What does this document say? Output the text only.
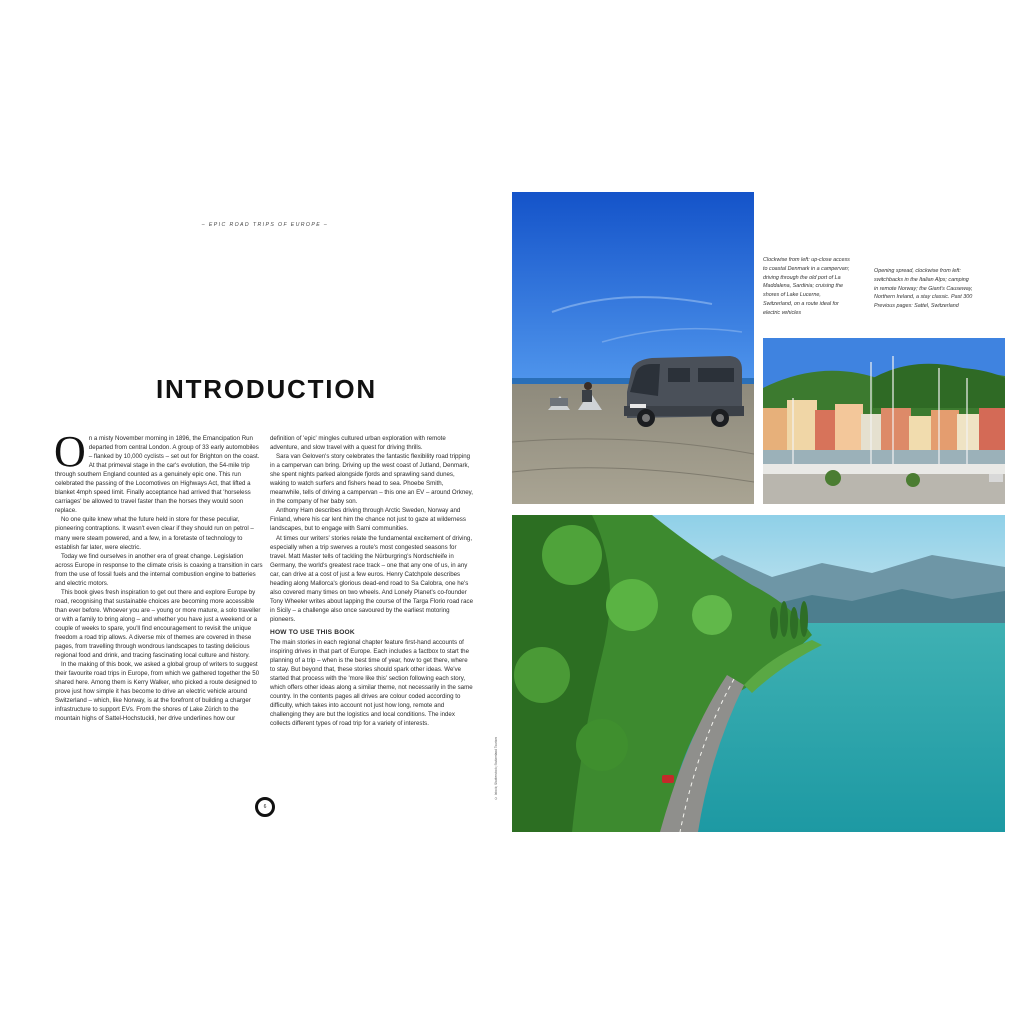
– EPIC ROAD TRIPS OF EUROPE –
INTRODUCTION

On a misty November morning in 1896, the Emancipation Run departed from central London. A group of 33 early automobiles – flanked by 10,000 cyclists – set out for Brighton on the coast. At that primeval stage in the car's evolution, the 54-mile trip through southern England counted as a genuinely epic one. This run celebrated the passing of the Locomotives on Highways Act, that lifted a blanket 4mph speed limit. Finally acceptance had arrived that 'horseless carriages' be allowed to travel faster than the horses they would soon replace.

No one quite knew what the future held in store for these peculiar, pioneering contraptions. It wasn't even clear if they should run on petrol – many were steam powered, and a few, in a foretaste of technology to establish far later, were electric.

Today we find ourselves in another era of great change. Legislation across Europe in response to the climate crisis is coaxing a transition in cars from the use of fossil fuels and the internal combustion engine to batteries and electric motors.

This book gives fresh inspiration to get out there and explore Europe by road, recognising that sustainable choices are becoming more accessible than ever before. Whoever you are – young or more mature, a solo traveller or with a family to bring along – and whether you have just a weekend or a couple of weeks to spare, you'll find encouragement to revisit the unique freedom a road trip allows. A diverse mix of themes are covered in these pages, from travelling through wondrous landscapes to tasting delicious regional food and drink, and tracing fascinating local culture and history.

In the making of this book, we asked a global group of writers to suggest their favourite road trips in Europe, from which we gathered together the 50 shared here. Among them is Kerry Walker, who picked a route designed to prove just how simple it has become to drive an electric vehicle around Switzerland – which, like Norway, is at the forefront of building a charger infrastructure to support EVs. From the shores of Lake Zürich to the mountain highs of Sattel-Hochstuckli, her drive underlines how our

definition of 'epic' mingles cultured urban exploration with remote adventure, and slow travel with a quest for driving thrills.

Sara van Geloven's story celebrates the fantastic flexibility road tripping in a campervan can bring. Driving up the west coast of Jutland, Denmark, she spent nights parked alongside fjords and sprawling sand dunes, waking to watch surfers and fishers head to sea. Phoebe Smith, meanwhile, tells of driving a campervan – this one an EV – around Orkney, in the company of her baby son.

Anthony Ham describes driving through Arctic Sweden, Norway and Finland, where his car lent him the chance not just to gaze at wilderness landscapes, but to engage with Sami communities.

At times our writers' stories relate the fundamental excitement of driving, especially when a trip swerves a route's most congested seasons for travel. Matt Master tells of tackling the Nürburgring's Nordschleife in Germany, the world's greatest race track – one that any one of us, in any car, can drive at a cost of just a few euros. Henry Catchpole describes heading along Mallorca's glorious dead-end road to Sa Calobra, one he's also covered many times on two wheels. And Lonely Planet's co-founder Tony Wheeler writes about lapping the course of the Targa Florio road race in Sicily – a challenge also once savoured by the earliest motoring pioneers.

HOW TO USE THIS BOOK

The main stories in each regional chapter feature first-hand accounts of inspiring drives in that part of Europe. Each includes a factbox to start the planning of a trip – when is the best time of year, how to get there, where to stay. But beyond that, these stories should spark other ideas. We've started that process with the 'more like this' section following each story, which offers other ideas along a similar theme, not necessarily in the same country. In the contents pages all drives are colour coded according to difficulty, which takes into account not just how long, remote and challenging they are but the logistics and local conditions. The index collects different types of road trip for a variety of interests.

6
© Istock; Shutterstock; Switzerland Tourism
Clockwise from left: up-close access to coastal Denmark in a campervan; driving through the old port of La Maddalena, Sardinia; cruising the shores of Lake Lucerne, Switzerland, on a route ideal for electric vehicles
Opening spread, clockwise from left: switchbacks in the Italian Alps; camping in remote Norway; the Giant's Causeway, Northern Ireland, a stay classic. Past 300 Previous pages: Sattel, Switzerland
